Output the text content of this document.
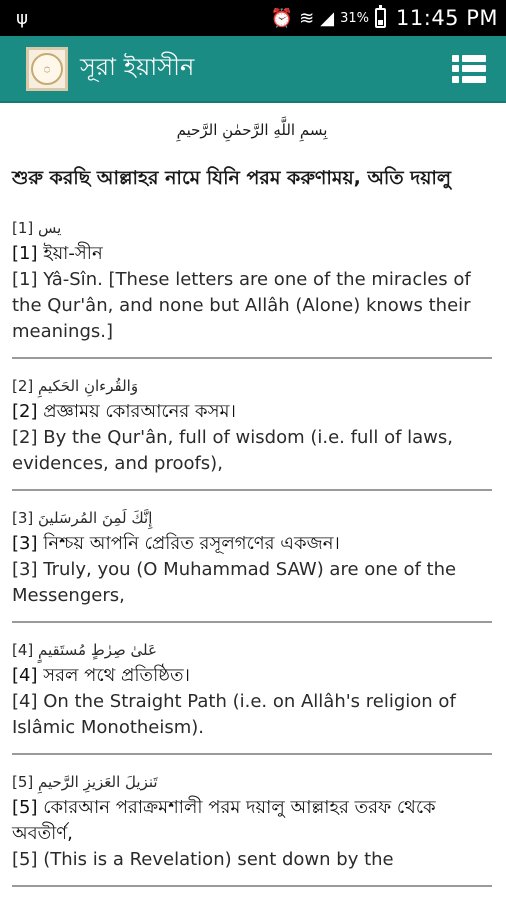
ψ	⏰ ≋ ◢ 31% 11:45 PM
۝	সূরা ইয়াসীন
بِسمِ اللَّهِ الرَّحمٰنِ الرَّحيمِ
শুরু করছি আল্লাহর নামে যিনি পরম করুণাময়, অতি দয়ালু
[1] يس
[1] ইয়া-সীন
[1] Yâ-Sîn. [These letters are one of the miracles of the Qur'ân, and none but Allâh (Alone) knows their meanings.]
[2] وَالقُرءانِ الحَكيمِ
[2] প্রজ্ঞাময় কোরআনের কসম।
[2] By the Qur'ân, full of wisdom (i.e. full of laws, evidences, and proofs),
[3] إِنَّكَ لَمِنَ المُرسَلينَ
[3] নিশ্চয় আপনি প্রেরিত রসূলগণের একজন।
[3] Truly, you (O Muhammad SAW) are one of the Messengers,
[4] عَلىٰ صِرٰطٍ مُستَقيمٍ
[4] সরল পথে প্রতিষ্ঠিত।
[4] On the Straight Path (i.e. on Allâh's religion of Islâmic Monotheism).
[5] تَنزيلَ العَزيزِ الرَّحيمِ
[5] কোরআন পরাক্রমশালী পরম দয়ালু আল্লাহর তরফ থেকে অবতীর্ণ,
[5] (This is a Revelation) sent down by the
